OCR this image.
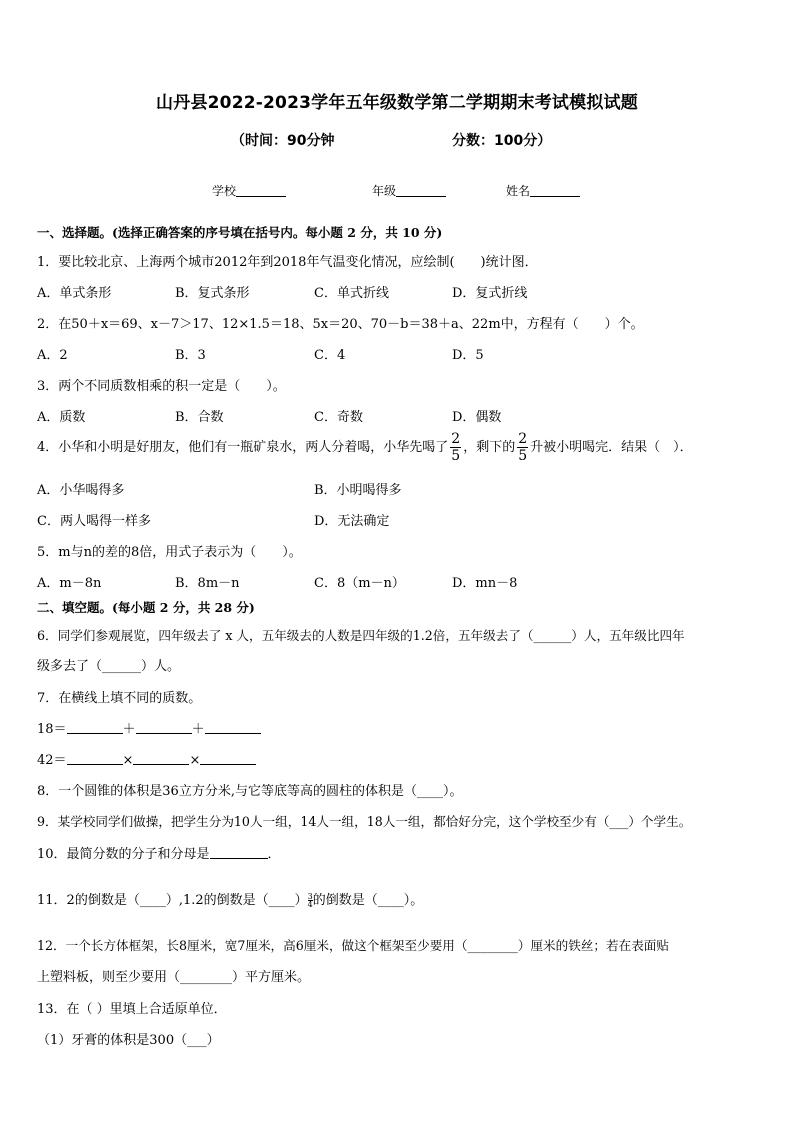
山丹县2022-2023学年五年级数学第二学期期末考试模拟试题
（时间：90分钟	分数：100分）
学校	年级	姓名
一、选择题。(选择正确答案的序号填在括号内。每小题 2 分，共 10 分)
1．要比较北京、上海两个城市2012年到2018年气温变化情况，应绘制(　　)统计图．
A．单式条形	B．复式条形	C．单式折线	D．复式折线
2．在50＋x＝69、x－7＞17、12×1.5＝18、5x＝20、70－b＝38＋a、22m中，方程有（　　）个。
A．2	B．3	C．4	D．5
3．两个不同质数相乘的积一定是（　　）。
A．质数	B．合数	C．奇数	D．偶数
4．小华和小明是好朋友，他们有一瓶矿泉水，两人分着喝，小华先喝了 $\frac{2}{5}$ ，剩下的 $\frac{2}{5}$ 升被小明喝完．结果（　）．
A．小华喝得多	B．小明喝得多
C．两人喝得一样多	D．无法确定
5．m与n的差的8倍，用式子表示为（　　）。
A．m－8n	B．8m－n	C．8（m－n）	D．mn－8
二、填空题。(每小题 2 分，共 28 分)
6．同学们参观展览，四年级去了 x 人，五年级去的人数是四年级的1.2倍，五年级去了（______）人，五年级比四年
级多去了（______）人。
7．在横线上填不同的质数。
18＝	＋	＋
42＝	×	×
8．一个圆锥的体积是36立方分米,与它等底等高的圆柱的体积是（____）。
9．某学校同学们做操，把学生分为10人一组，14人一组，18人一组，都恰好分完，这个学校至少有（___）个学生。
10．最简分数的分子和分母是	．
11．2的倒数是（____）,1.2的倒数是（____） $\frac{3}{4}$ 的倒数是（____）。
12．一个长方体框架，长8厘米，宽7厘米，高6厘米，做这个框架至少要用（________）厘米的铁丝；若在表面贴
上塑料板，则至少要用（________）平方厘米。
13．在（ ）里填上合适原单位．
（1）牙膏的体积是300（___）
